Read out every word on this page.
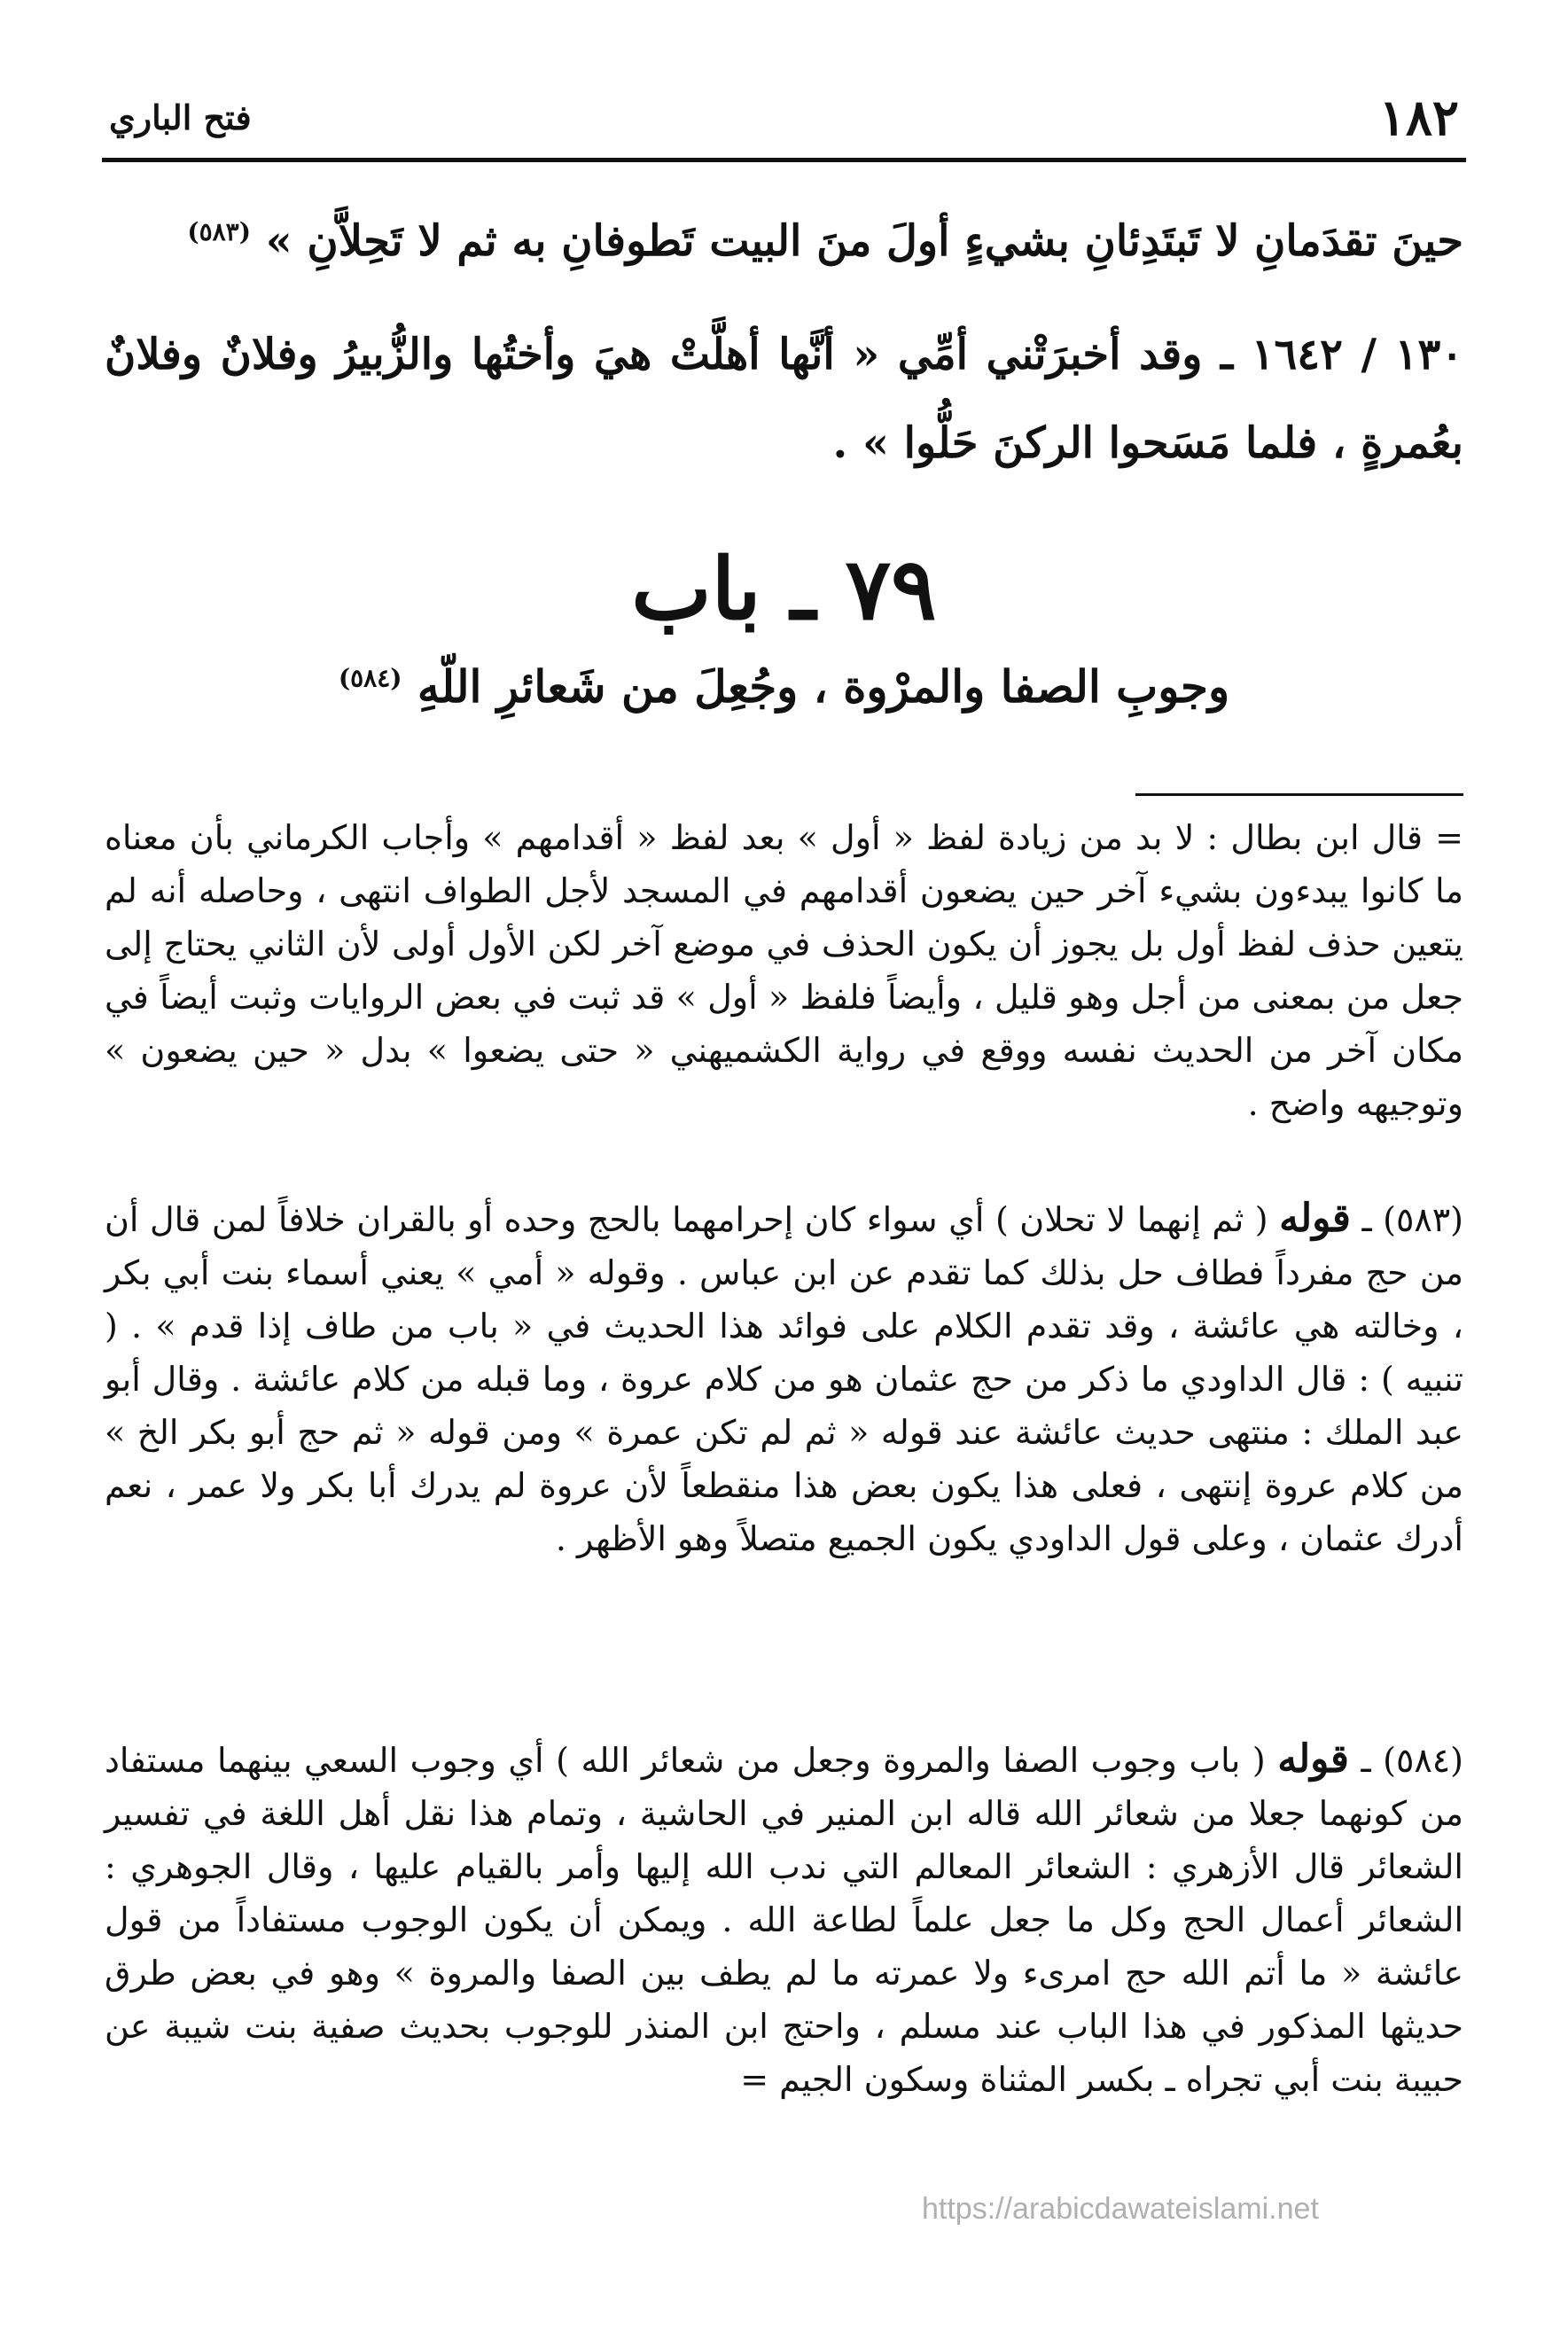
١٨٢
فتح الباري
حينَ تقدَمانِ لا تَبتَدِئانِ بشيءٍ أولَ منَ البيت تَطوفانِ به ثم لا تَحِلاَّنِ » $^{(٥٨٣)}$
١٣٠ / ١٦٤٢ ـ وقد أخبرَتْني أمِّي « أنَّها أهلَّتْ هيَ وأختُها والزُّبيرُ وفلانٌ وفلانٌ بعُمرةٍ ، فلما مَسَحوا الركنَ حَلُّوا » .
٧٩ ـ باب
وجوبِ الصفا والمرْوة ، وجُعِلَ من شَعائرِ اللّهِ $^{(٥٨٤)}$
= قال ابن بطال : لا بد من زيادة لفظ « أول » بعد لفظ « أقدامهم » وأجاب الكرماني بأن معناه ما كانوا يبدءون بشيء آخر حين يضعون أقدامهم في المسجد لأجل الطواف انتهى ، وحاصله أنه لم يتعين حذف لفظ أول بل يجوز أن يكون الحذف في موضع آخر لكن الأول أولى لأن الثاني يحتاج إلى جعل من بمعنى من أجل وهو قليل ، وأيضاً فلفظ « أول » قد ثبت في بعض الروايات وثبت أيضاً في مكان آخر من الحديث نفسه ووقع في رواية الكشميهني « حتى يضعوا » بدل « حين يضعون » وتوجيهه واضح .
(٥٨٣) ـ قوله ( ثم إنهما لا تحلان ) أي سواء كان إحرامهما بالحج وحده أو بالقران خلافاً لمن قال أن من حج مفرداً فطاف حل بذلك كما تقدم عن ابن عباس . وقوله « أمي » يعني أسماء بنت أبي بكر ، وخالته هي عائشة ، وقد تقدم الكلام على فوائد هذا الحديث في « باب من طاف إذا قدم » . ( تنبيه ) : قال الداودي ما ذكر من حج عثمان هو من كلام عروة ، وما قبله من كلام عائشة . وقال أبو عبد الملك : منتهى حديث عائشة عند قوله « ثم لم تكن عمرة » ومن قوله « ثم حج أبو بكر الخ » من كلام عروة إنتهى ، فعلى هذا يكون بعض هذا منقطعاً لأن عروة لم يدرك أبا بكر ولا عمر ، نعم أدرك عثمان ، وعلى قول الداودي يكون الجميع متصلاً وهو الأظهر .
(٥٨٤) ـ قوله ( باب وجوب الصفا والمروة وجعل من شعائر الله ) أي وجوب السعي بينهما مستفاد من كونهما جعلا من شعائر الله قاله ابن المنير في الحاشية ، وتمام هذا نقل أهل اللغة في تفسير الشعائر قال الأزهري : الشعائر المعالم التي ندب الله إليها وأمر بالقيام عليها ، وقال الجوهري : الشعائر أعمال الحج وكل ما جعل علماً لطاعة الله . ويمكن أن يكون الوجوب مستفاداً من قول عائشة « ما أتم الله حج امرىء ولا عمرته ما لم يطف بين الصفا والمروة » وهو في بعض طرق حديثها المذكور في هذا الباب عند مسلم ، واحتج ابن المنذر للوجوب بحديث صفية بنت شيبة عن حبيبة بنت أبي تجراه ـ بكسر المثناة وسكون الجيم =
https://arabicdawateislami.net
